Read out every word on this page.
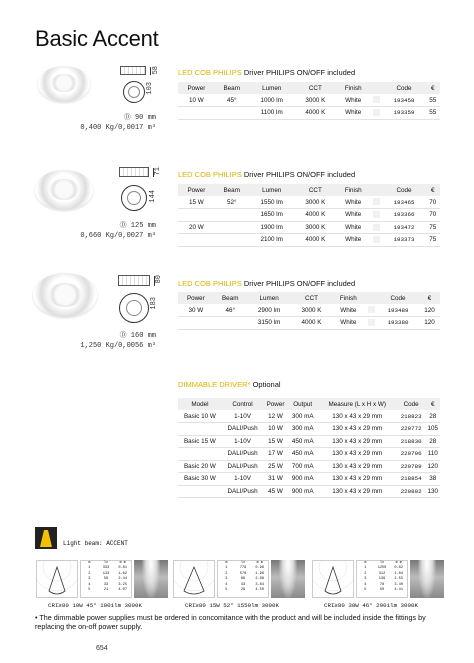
Basic Accent
58
103
Ⓓ 90 mm
0,400 Kg/0,0017 m³
LED COB PHILIPS Driver PHILIPS ON/OFF included
Power	Beam	Lumen	CCT	Finish		Code	€
10 W	45°	1000 lm	3000 K	White		193458	55
		1100 lm	4000 K	White		193359	55
71
144
Ⓓ 125 mm
0,660 Kg/0,0027 m³
LED COB PHILIPS Driver PHILIPS ON/OFF included
Power	Beam	Lumen	CCT	Finish		Code	€
15 W	52°	1550 lm	3000 K	White		193465	70
		1650 lm	4000 K	White		193366	70
20 W		1900 lm	3000 K	White		193472	75
		2100 lm	4000 K	White		193373	75
80
183
Ⓓ 160 mm
1,250 Kg/0,0056 m³
LED COB PHILIPS Driver PHILIPS ON/OFF included
Power	Beam	Lumen	CCT	Finish		Code	€
30 W	46°	2900 lm	3000 K	White		193489	120
		3150 lm	4000 K	White		193380	120
DIMMABLE DRIVER* Optional
Model	Control	Power	Output	Measure (L x H x W)	Code	€
Basic 10 W	1-10V	12 W	300 mA	130 x 43 x 29 mm	218823	28
	DALI/Push	10 W	300 mA	130 x 43 x 29 mm	220772	105
Basic 15 W	1-10V	15 W	450 mA	130 x 43 x 29 mm	218830	28
	DALI/Push	17 W	450 mA	130 x 43 x 29 mm	220796	110
Basic 20 W	DALI/Push	25 W	700 mA	130 x 43 x 29 mm	220789	120
Basic 30 W	1-10V	31 W	900 mA	130 x 43 x 29 mm	218854	38
	DALI/Push	45 W	900 mA	130 x 43 x 29 mm	220802	130
Light beam: ACCENT
m	lx	ø m
1	333	0.81
2	133	1.62
3	59	2.44
4	33	3.25
5	21	4.07
CRI≥80 10W 45° 1001lm 3000K
m	lx	ø m
1	778	0.96
2	578	1.96
3	86	2.88
4	43	3.84
5	28	4.50
CRI≥80 15W 52° 1550lm 3000K
m	lx	ø m
1	1250	0.82
2	312	1.84
3	139	2.55
4	78	3.40
5	50	4.41
CRI≥80 30W 46° 2901lm 3000K
• The dimmable power supplies must be ordered in concomitance with the product and will be included inside the fittings by replacing the on-off power supply.
654
